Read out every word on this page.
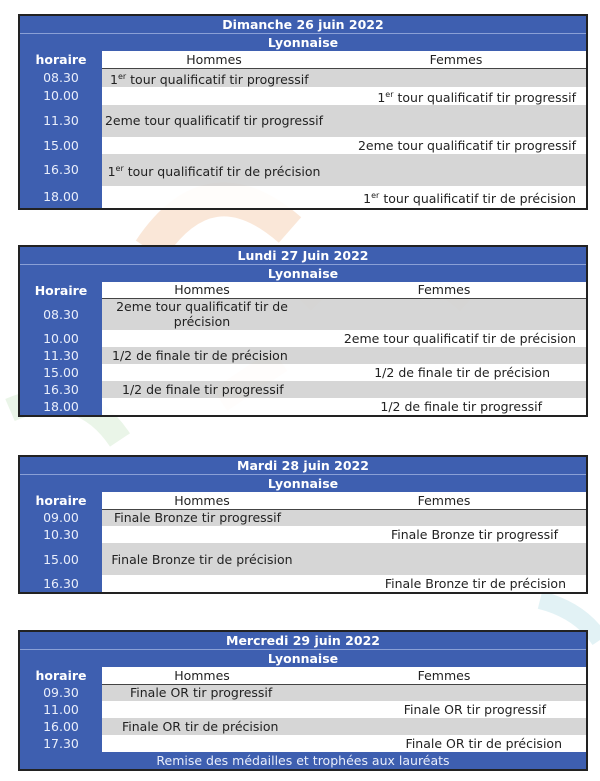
Dimanche 26 juin 2022		
Lyonnaise		
horaire	Hommes	Femmes
08.30	1er tour qualificatif tir progressif	
10.00		1er tour qualificatif tir progressif
11.30	2eme tour qualificatif tir progressif	
15.00		2eme tour qualificatif tir progressif
16.30	1er tour qualificatif tir de précision	
18.00		1er tour qualificatif tir de précision
Lundi 27 Juin 2022		
Lyonnaise		
Horaire	Hommes	Femmes
08.30	2eme tour qualificatif tir de précision	
10.00		2eme tour qualificatif tir de précision
11.30	1/2 de finale tir de précision	
15.00		1/2 de finale tir de précision
16.30	1/2 de finale tir progressif	
18.00		1/2 de finale tir progressif
Mardi 28 juin 2022		
Lyonnaise		
horaire	Hommes	Femmes
09.00	Finale Bronze tir progressif	
10.30		Finale Bronze tir progressif
15.00	Finale Bronze tir de précision	
16.30		Finale Bronze tir de précision
Mercredi 29 juin 2022		
Lyonnaise		
horaire	Hommes	Femmes
09.30	Finale OR tir progressif	
11.00		Finale OR tir progressif
16.00	Finale OR tir de précision	
17.30		Finale OR tir de précision
Remise des médailles et trophées aux lauréats		
